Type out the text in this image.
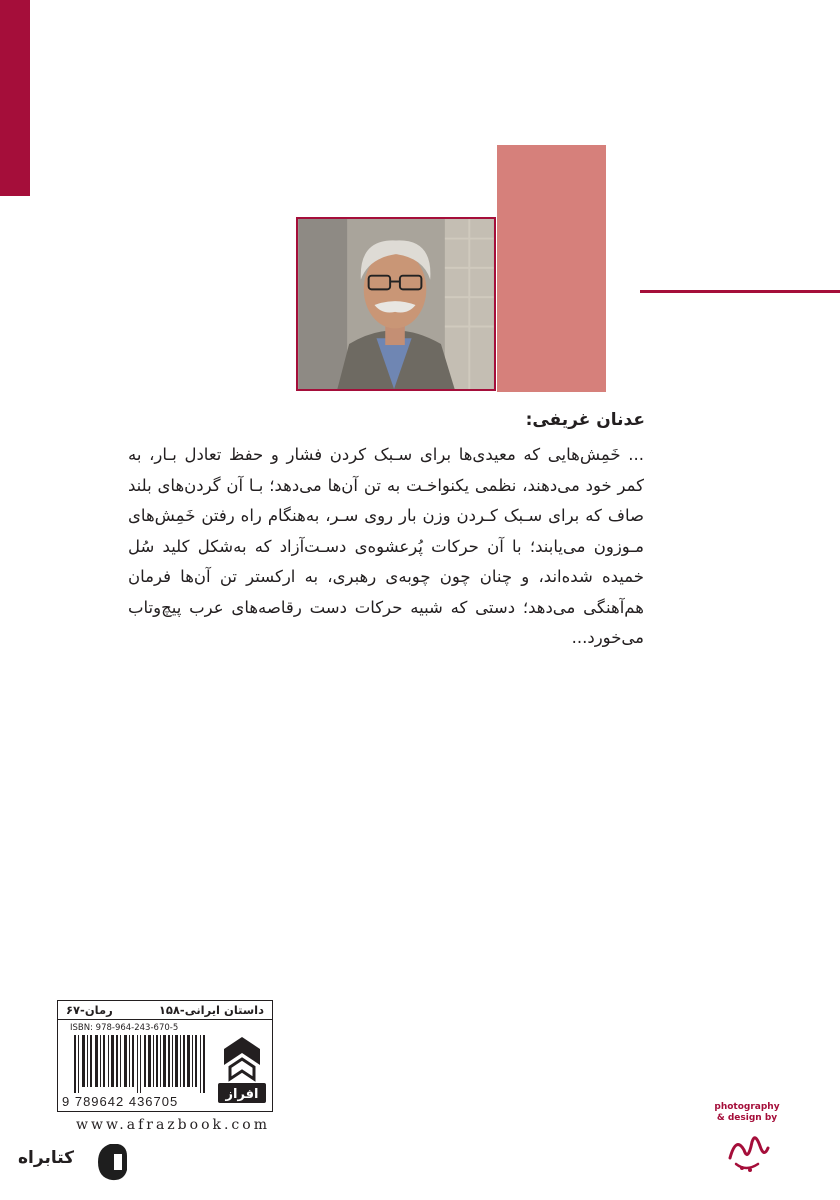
عدنان غریفی:

... خَمِش‌هایی که معیدی‌ها برای سـبک کردن فشار و حفظ تعادل بـار، به کمر خود می‌دهند، نظمی یکنواخـت به تن آن‌ها می‌دهد؛ بـا آن گردن‌های بلند صاف که برای سـبک کـردن وزن بار روی سـر، به‌هنگام راه رفتن خَمِش‌های مـوزون می‌یابند؛ با آن حرکات پُرعشوه‌ی دسـت‌آزاد که به‌شکل کلید سُل خمیده شده‌اند، و چنان چون چوبه‌ی رهبری، به ارکستر تن آن‌ها فرمان هم‌آهنگی می‌دهد؛ دستی که شبیه حرکات دست رقاصه‌های عرب پیچ‌وتاب می‌خورد...

داستان ایرانی-۱۵۸
رمان-۶۷
ISBN: 978-964-243-670-5
9 789642 436705	افراز
www.afrazbook.com
کتابراه
photography
& design by
